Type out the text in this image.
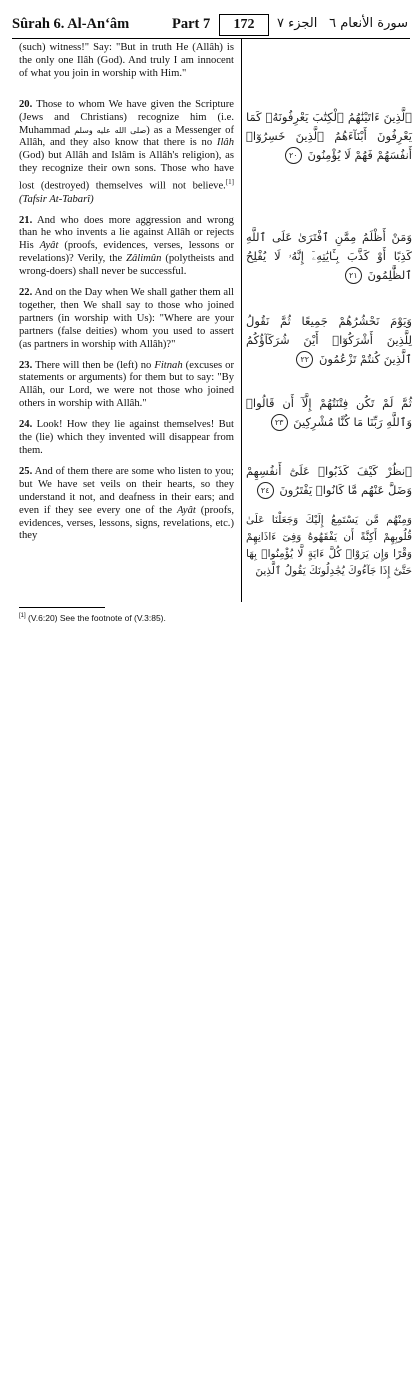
Sûrah 6. Al-An‘âm	Part 7	172	الجزء ٧ سورة الأنعام ٦

(such) witness!" Say: "But in truth He (Allâh) is the only one Ilâh (God). And truly I am innocent of what you join in worship with Him."

20. Those to whom We have given the Scripture (Jews and Christians) recognize him (i.e. Muhammad صلى الله عليه وسلم) as a Messenger of Allâh, and they also know that there is no Ilâh (God) but Allâh and Islâm is Allâh's religion), as they recognize their own sons. Those who have lost (destroyed) themselves will not believe.[1] (Tafsir At-Tabarî)

21. And who does more aggression and wrong than he who invents a lie against Allâh or rejects His Ayât (proofs, evidences, verses, lessons or revelations)? Verily, the Zâlimûn (polytheists and wrong-doers) shall never be successful.

22. And on the Day when We shall gather them all together, then We shall say to those who joined partners (in worship with Us): "Where are your partners (false deities) whom you used to assert (as partners in worship with Allâh)?"

23. There will then be (left) no Fitnah (excuses or statements or arguments) for them but to say: "By Allâh, our Lord, we were not those who joined others in worship with Allâh."

24. Look! How they lie against themselves! But the (lie) which they invented will disappear from them.

25. And of them there are some who listen to you; but We have set veils on their hearts, so they understand it not, and deafness in their ears; and even if they see every one of the Ayât (proofs, evidences, verses, lessons, signs, revelations, etc.) they

ٱلَّذِينَ ءَاتَيْنَٰهُمُ ٱلْكِتَٰبَ يَعْرِفُونَهُۥ كَمَا يَعْرِفُونَ أَبْنَآءَهُمُ ٱلَّذِينَ خَسِرُوٓا۟ أَنفُسَهُمْ فَهُمْ لَا يُؤْمِنُونَ ٢٠
وَمَنْ أَظْلَمُ مِمَّنِ ٱفْتَرَىٰ عَلَى ٱللَّهِ كَذِبًا أَوْ كَذَّبَ بِـَٔايَٰتِهِۦٓ إِنَّهُۥ لَا يُفْلِحُ ٱلظَّٰلِمُونَ ٢١
وَيَوْمَ نَحْشُرُهُمْ جَمِيعًا ثُمَّ نَقُولُ لِلَّذِينَ أَشْرَكُوٓا۟ أَيْنَ شُرَكَآؤُكُمُ ٱلَّذِينَ كُنتُمْ تَزْعُمُونَ ٢٢
ثُمَّ لَمْ تَكُن فِتْنَتُهُمْ إِلَّآ أَن قَالُوا۟ وَٱللَّهِ رَبِّنَا مَا كُنَّا مُشْرِكِينَ ٢٣
ٱنظُرْ كَيْفَ كَذَبُوا۟ عَلَىٰٓ أَنفُسِهِمْ وَضَلَّ عَنْهُم مَّا كَانُوا۟ يَفْتَرُونَ ٢٤
وَمِنْهُم مَّن يَسْتَمِعُ إِلَيْكَ وَجَعَلْنَا عَلَىٰ قُلُوبِهِمْ أَكِنَّةً أَن يَفْقَهُوهُ وَفِىٓ ءَاذَانِهِمْ وَقْرًا وَإِن يَرَوْا۟ كُلَّ ءَايَةٍ لَّا يُؤْمِنُوا۟ بِهَا حَتَّىٰٓ إِذَا جَآءُوكَ يُجَٰدِلُونَكَ يَقُولُ ٱلَّذِينَ
[1] (V.6:20) See the footnote of (V.3:85).
